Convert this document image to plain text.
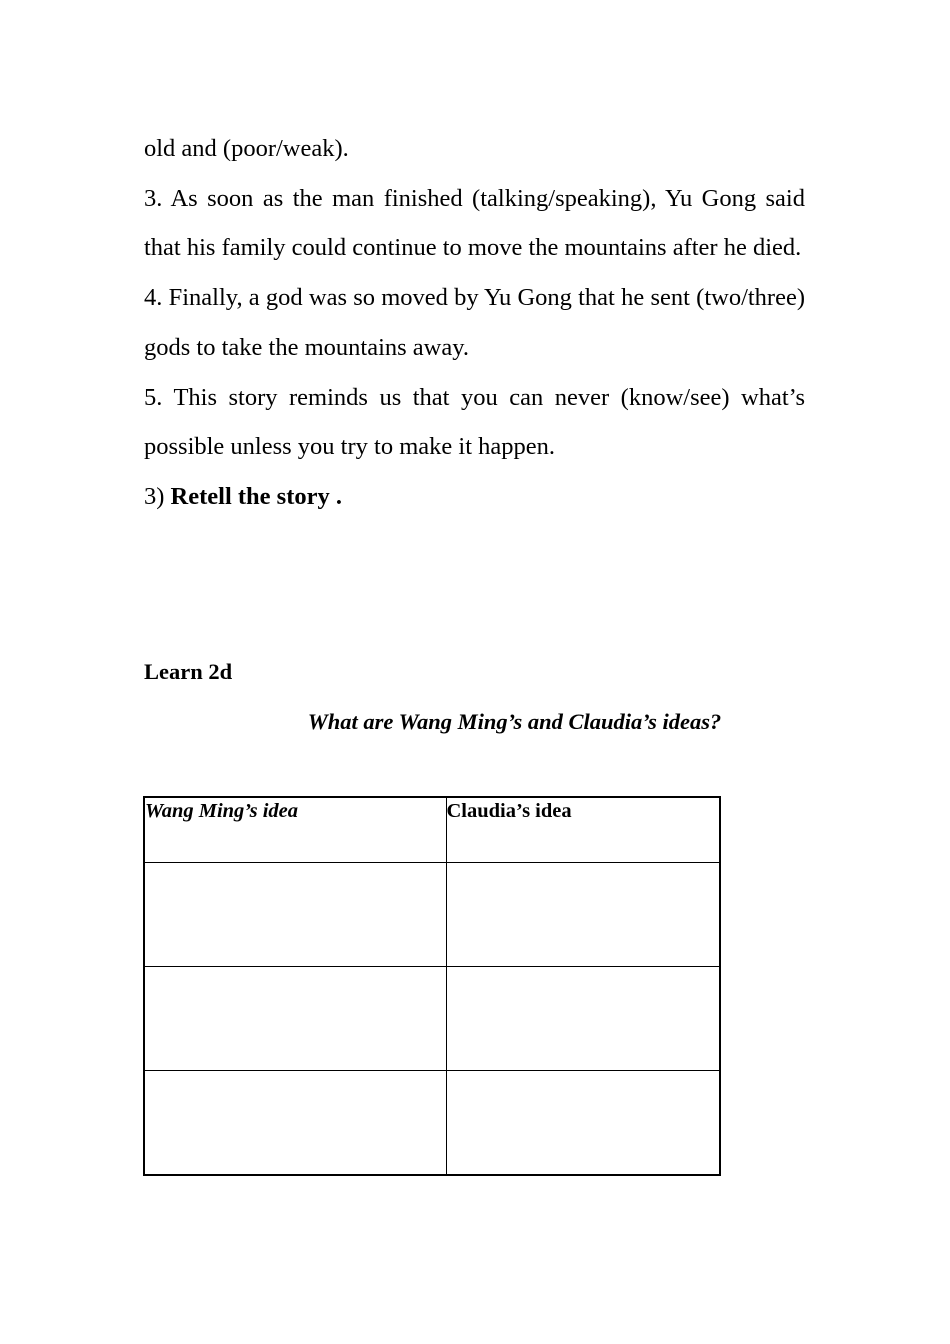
old and (poor/weak).

3. As soon as the man finished (talking/speaking), Yu Gong said that his family could continue to move the mountains after he died.

4. Finally, a god was so moved by Yu Gong that he sent (two/three) gods to take the mountains away.

5. This story reminds us that you can never (know/see) what’s possible unless you try to make it happen.

3) Retell the story .

Learn 2d

What are Wang Ming’s and Claudia’s ideas?

Wang Ming’s idea	Claudia’s idea
